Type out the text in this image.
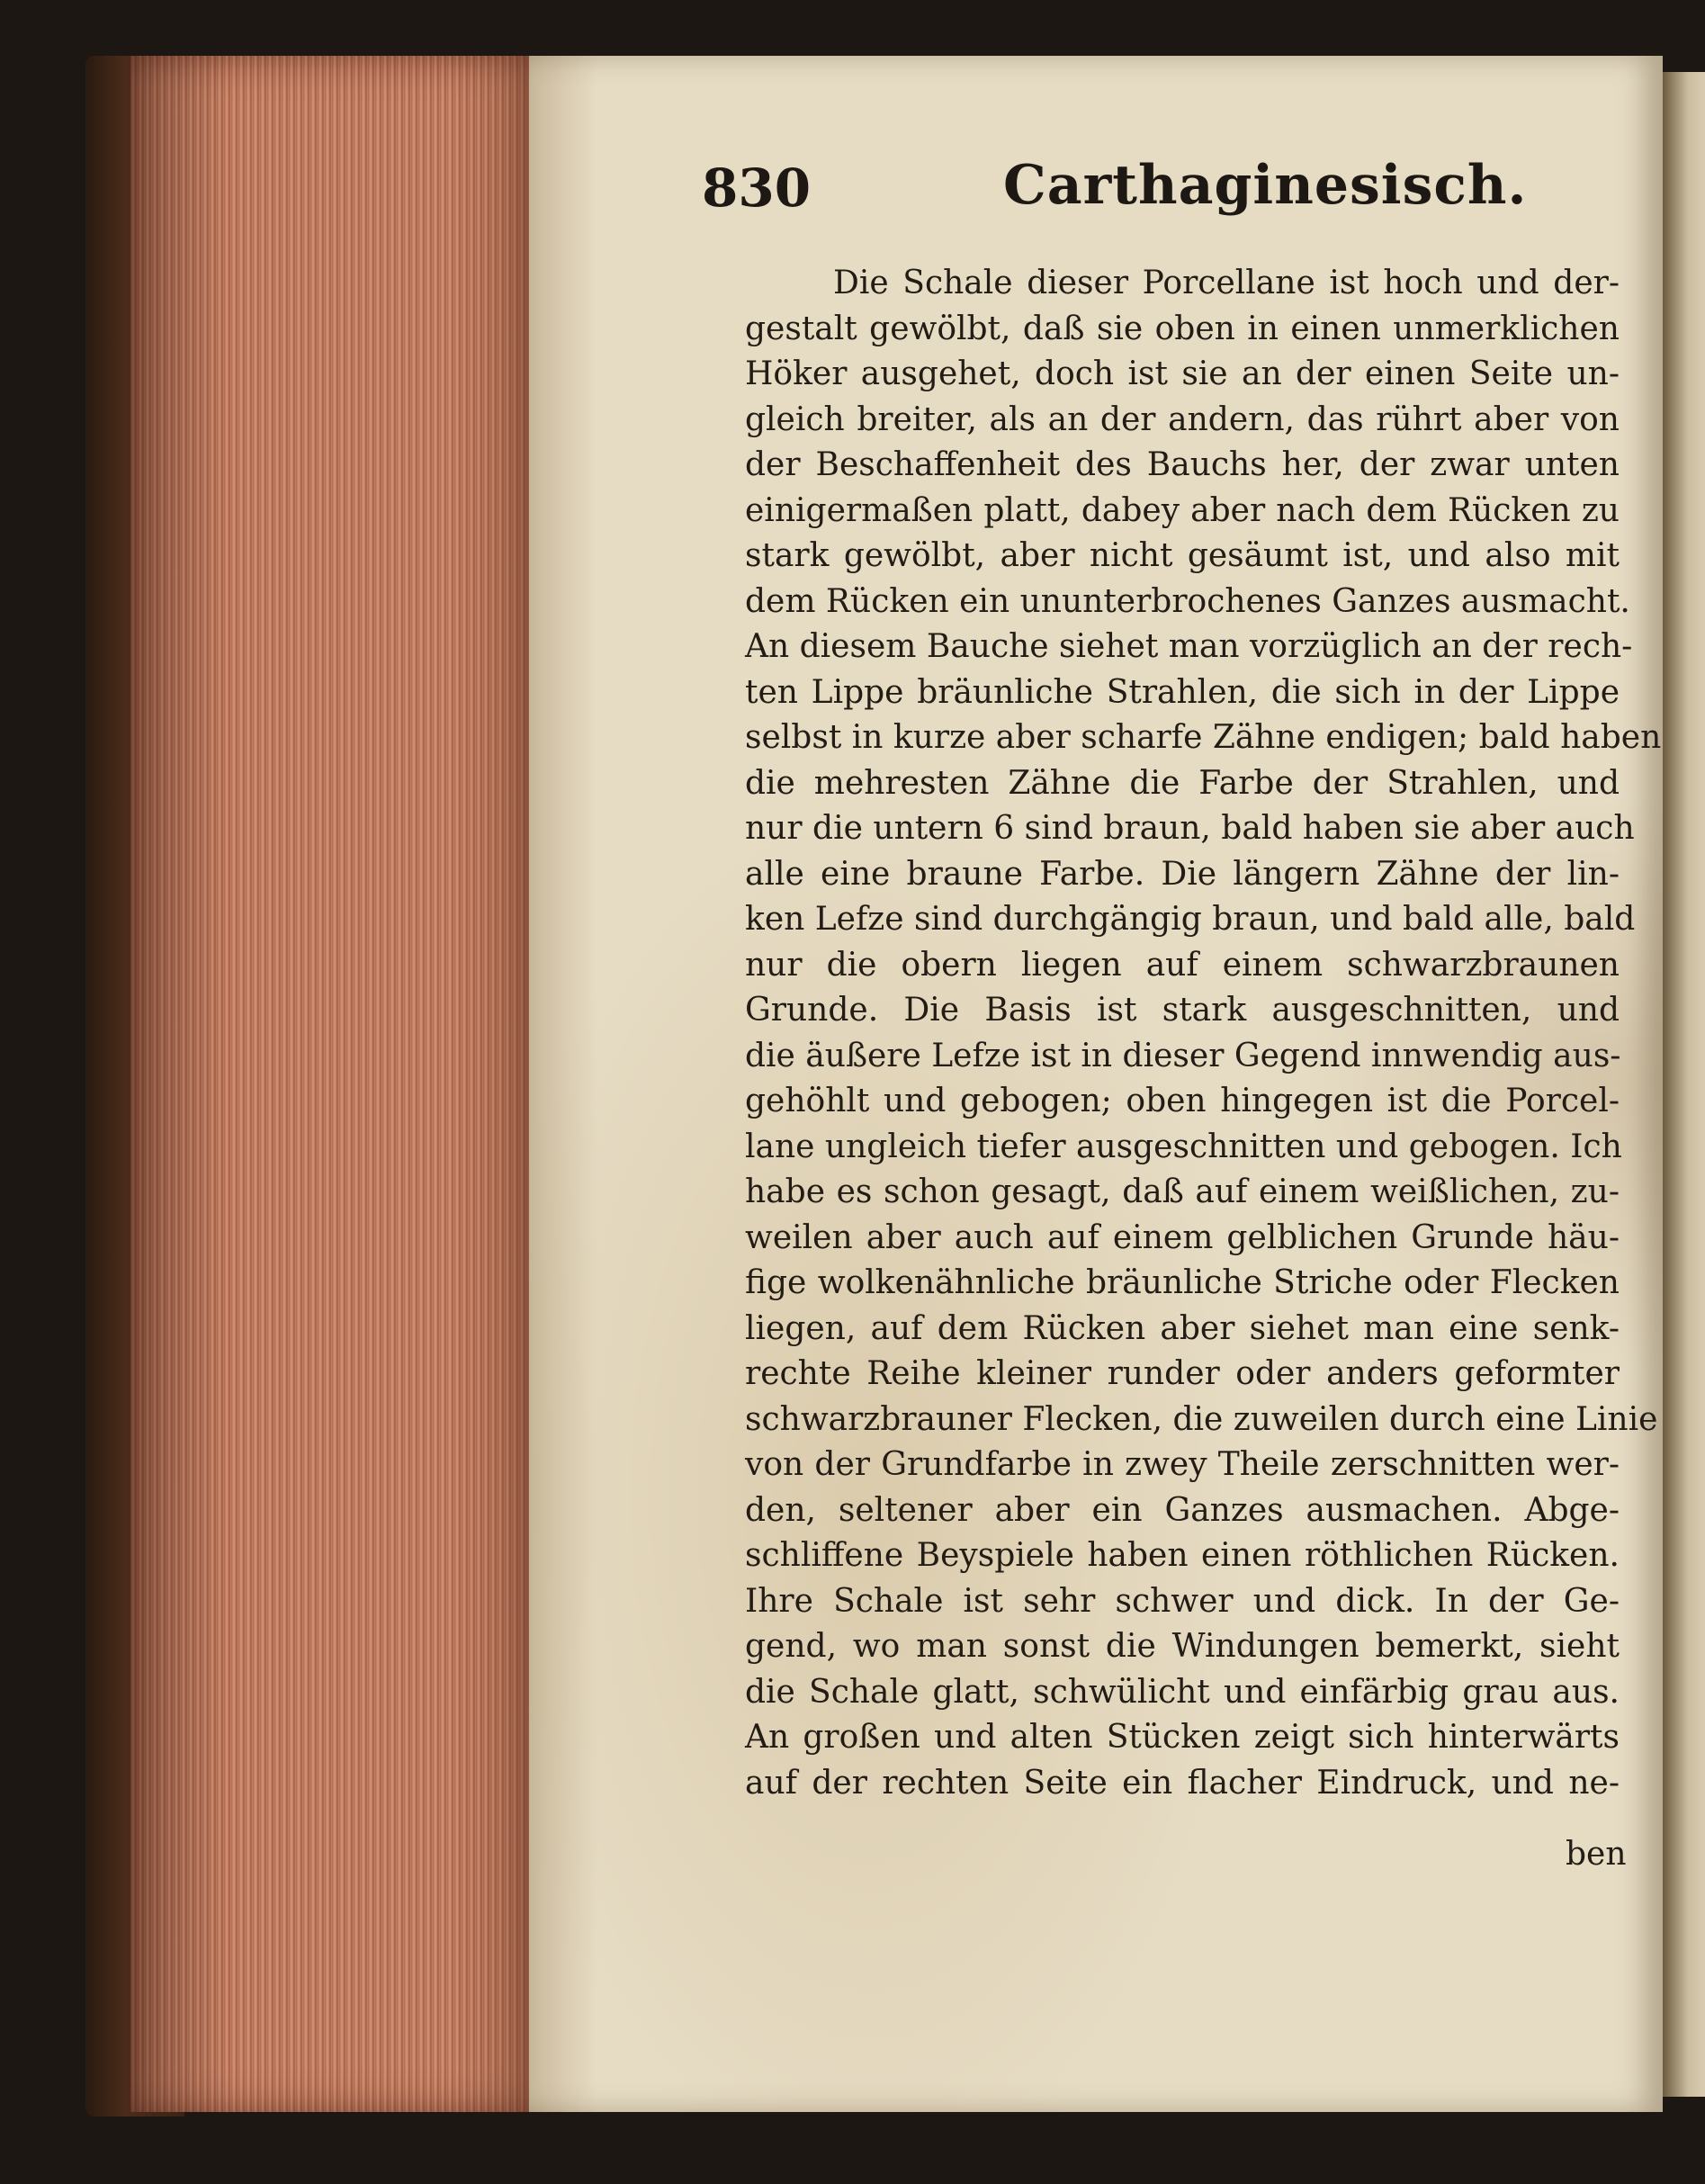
830	Carthaginesisch.
Die Schale dieser Porcellane ist hoch und der-
gestalt gewölbt, daß sie oben in einen unmerklichen
Höker ausgehet, doch ist sie an der einen Seite un-
gleich breiter, als an der andern, das rührt aber von
der Beschaffenheit des Bauchs her, der zwar unten
einigermaßen platt, dabey aber nach dem Rücken zu
stark gewölbt, aber nicht gesäumt ist, und also mit
dem Rücken ein ununterbrochenes Ganzes ausmacht.
An diesem Bauche siehet man vorzüglich an der rech-
ten Lippe bräunliche Strahlen, die sich in der Lippe
selbst in kurze aber scharfe Zähne endigen; bald haben
die mehresten Zähne die Farbe der Strahlen, und
nur die untern 6 sind braun, bald haben sie aber auch
alle eine braune Farbe. Die längern Zähne der lin-
ken Lefze sind durchgängig braun, und bald alle, bald
nur die obern liegen auf einem schwarzbraunen
Grunde. Die Basis ist stark ausgeschnitten, und
die äußere Lefze ist in dieser Gegend innwendig aus-
gehöhlt und gebogen; oben hingegen ist die Porcel-
lane ungleich tiefer ausgeschnitten und gebogen. Ich
habe es schon gesagt, daß auf einem weißlichen, zu-
weilen aber auch auf einem gelblichen Grunde häu-
fige wolkenähnliche bräunliche Striche oder Flecken
liegen, auf dem Rücken aber siehet man eine senk-
rechte Reihe kleiner runder oder anders geformter
schwarzbrauner Flecken, die zuweilen durch eine Linie
von der Grundfarbe in zwey Theile zerschnitten wer-
den, seltener aber ein Ganzes ausmachen. Abge-
schliffene Beyspiele haben einen röthlichen Rücken.
Ihre Schale ist sehr schwer und dick. In der Ge-
gend, wo man sonst die Windungen bemerkt, sieht
die Schale glatt, schwülicht und einfärbig grau aus.
An großen und alten Stücken zeigt sich hinterwärts
auf der rechten Seite ein flacher Eindruck, und ne-
ben
